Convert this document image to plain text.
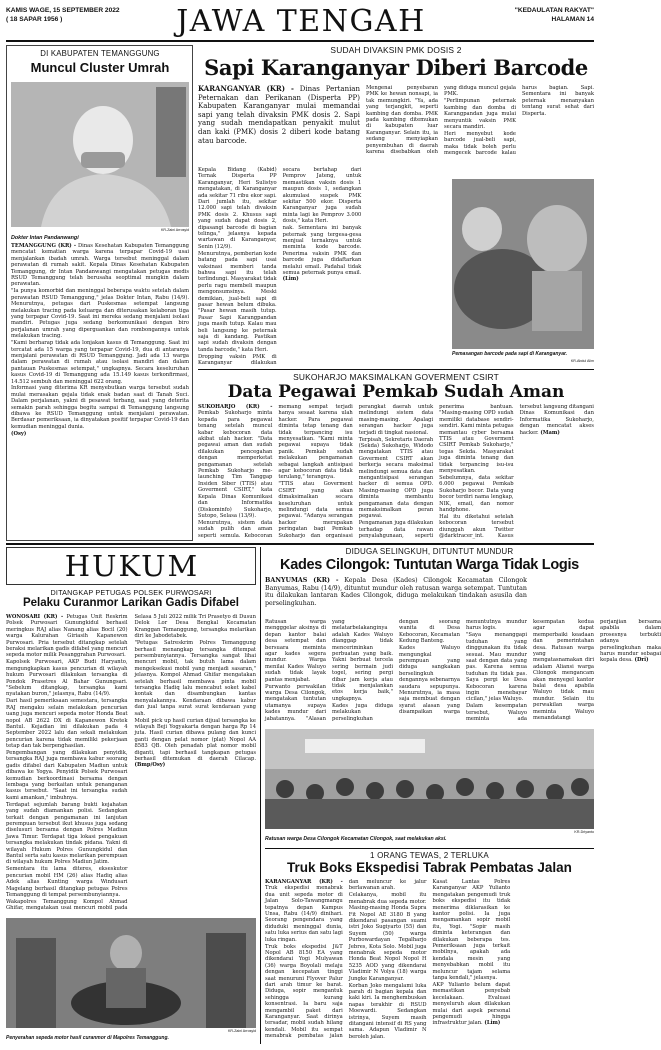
KAMIS WAGE, 15 SEPTEMBER 2022
( 18 SAPAR 1956 )	JAWA TENGAH	"KEDAULATAN RAKYAT"
HALAMAN 14
DI KABUPATEN TEMANGGUNG
Muncul Cluster Umrah
KR-Zaini Arrosyid
Dokter Intan Pandanwangi

TEMANGGUNG (KR) - Dinas Kesehatan Kabupaten Temanggung mencatat kematian warga karena terpapar Covid-19 usai menjalankan ibadah umrah. Warga tersebut meninggal dalam perawatan di rumah sakit. Kepala Dinas Kesehatan Kabupaten Temanggung, dr Intan Pandanwangi mengatakan petugas medis RSUD Temanggung telah berusaha seoptimal mungkin dalam perawatan.

"Ia punya komorbid dan meninggal beberapa waktu setelah dalam perawatan RSUD Temanggung," jelas Dokter Intan, Rabu (14/9). Menurutnya, petugas dari Puskesmas setempat langsung melakukan tracing pada keluarga dan diterusakan kelaboran tiga yang terpapar Covid-19. Saat ini mereka sedang menjalani isolasi mandiri. Petugas juga sedang berkomunikasi dengan biro perjalanan umrah yang diperguankan dan rombongannya untuk melakukan tracing.

"Kami berharap tidak ada lonjakan kasus di Temanggung. Saat ini tercatat ada 15 warga yang terpapar Covid-19, dua di antaranya menjalani perawatan di RSUD Temanggung. Jadi ada 13 warga dalam perawatan di rumah atau isolasi mandiri dan dalam pantauan Puskesmas setempat," ungkapnya. Secara keseluruhan kasus Covid-19 di Temanggung ada 15.149 kasus terkonfirmasi, 14.512 sembuh dan meninggal 622 orang.

Informasi yang diterima KR menyebutkan warga tersebut sudah mulai merasakan gejala tidak enak badan saat di Tanah Suci. Dalam perjalanan, yakni di pesawat terbang, saat yang deterita semakin parah sehingga begitu sampai di Temanggung langsung dibawa ke RSUD Temanggung untuk menjalani perawatan. Berdasar pemeriksaan, ia dinyatakan positif terpapar Covid-19 dan kemudian meninggal dunia.

(Osy)

SUDAH DIVAKSIN PMK DOSIS 2
Sapi Karanganyar Diberi Barcode

KARANGANYAR (KR) - Dinas Pertanian Peternakan dan Perikanan (Disperta PP) Kabupaten Karanganyar mulai memandai sapi yang telah divaksin PMK dosis 2. Sapi yang sudah mendapatkan penyakit mulut dan kaki (PMK) dosis 2 diberi kode batang atau barcode.

Kepala Bidang (Kabid) Ternak Disperta PP Karanganyar, Heri Sulistyo mengatakan, di Karanganyar ada sekitar 71 ribu ekor sapi. Dari jumlah itu, sekitar 12.000 sapi telah divaksin PMK dosis 2. Khusus sapi yang sudah dapat dosis 2, dipasangi barcode di bagian telinga," jelasnya kepada wartawan di Karanganyar, Senin (12/9).

Menurutnya, pemberian kode batang pada sapi usai vaksinasi memberi tanda bahwa sapi itu telah terlindungi. Masyarakat tidak perlu ragu membeli maupun mengonsumsinya. Meski demikian, jual-beli sapi di pasar hewan belum dibuka. "Pasar hewan masih tutup. Pasar Sapi Karangpandan juga masih tutup. Kalau mau beli langsung ke peternak saja di kandang. Pastikan sapi sudah divaksin dengan tanda barcode," kata Heri.

Dropping vaksin PMK di Karanganyar dilakukan secara bertahap dari Pemprov Jateng, untuk memastikan vaksin dosis 1 maupun dosis 1, sedangkan akumulasi suspek PMK sekitar 500 ekor. Disperta Karanganyar juga sudah minta lagi ke Pemprov 3.000 dosis," kata Heri.

nak. Sementara ini banyak peternak yang tergesa-gesa menjual ternaknya untuk meminta kode barcode. Penerima vaksin PMK dan barcode juga didaftarkan melalui email. Padahal tidak semua peternak punya email. (Lim)

Mengenai penyebaran PMK ke hewan nonsapi, ia tak memungkiri. "Ya, ada yang terjangkit, seperti kambing dan domba. PMK pada kambing ditemukan di kabupaten luar Karanganyar. Selain itu, ia sedang menyiapkan penyembuhan di daerah karena disebabkan oleh yang diduga muncul gejala PMK.

"Perlimpunan peternak kambing dan domba di Karangpandan juga mulai menyuntik vaksin PMK secara mandiri.

Heri menyebut kode barcode jual-beli sapi, maka tidak boleh perlu mengecek barcode kalau harus bagian. Sapi. Sementara ini banyak peternak menanyakan tentang surat sehat dari Disperta.

Pemasangan barcode pada sapi di Karanganyar.
KR-Abdul Alim
SUKOHARJO MAKSIMALKAN GOVERMENT CSIRT
Data Pegawai Pemkab Sudah Aman

SUKOHARJO (KR) - Pemkab Sukoharjo minta kepada para pegawai tenang setelah muncul kabar kebocoran data akibat ulah hacker. "Data pegawai aman dan sudah dilakukan pencegahan dengan memperketat pengamanan setelah Pemkab Sukoharjo me-launching Tim Tanggap Insiden Siber (TTIS) atau Goverment CSIRT," kata Kepala Dinas Komunikasi dan Informatika (Diskominfo) Sukoharjo, Sutopo, Selasa (13/9).

Menurutnya, sistem data sudah pulih dan aman seperti semula. Kebocoran memang sempat terjadi hanya sesaat karena ulah hacker. Para pegawai diminta tetap tenang dan tidak terpancing isu menyesatkan. "Kami minta pegawai supaya tidak panik. Pemkab sudah melakukan pengamanan sebagai langkah antisipasi agar kebocoran data tidak terulang," terangnya.

"TTIS atau Goverment CSIRT yang akan dimaksimalkan secara keseluruhan untuk melindungi data semua pegawai. "Adanya serangan hacker merupakan peringatan bagi Pemkab Sukoharjo dan organisasi perangkat daerah untuk melindungi sistem data masing-masing. Apalagi serangan hacker juga terjadi di tingkat nasional.

Terpisah, Sekretaris Daerah (Sekda) Sukoharjo, Widodo mengatakan TTIS atau Goverment CSIRT akan berkerja secara maksimal melindungi semua data dan mengantisipasi serangan hacker di semua OPD. Masing-masing OPD juga diminta membantu pengamanan data dengan memaksimalkan peran pegawai.

Pengamanan juga dilakukan terhadap data rawan penyalahgunaan, seperti penerima bantuan. "Masing-masing OPD sudah memiliki database sendiri-sendiri. Kami minta petugas memantau cyber bersama TTIS atau Goverment CSIRT Pemkab Sukoharjo," tegas Sekda. Masyarakat juga diminta tenang dan tidak terpancing isu-isu menyesatkan.

Sebelumnya, data sekitar 6.000 pegawai Pemkab Sukoharjo bocor. Data yang bocor terdiri nama lengkap, NIK, email, dan nomor handphone.

Hal itu diketahui setelah kebocoran tersebut diunggah akun Twitter @darktracer_int. Kasus tersebut langsung ditangani Dinas Komunikasi dan Informatika Sukoharjo, dengan mencatat akses hacker. (Mam)

HUKUM
DITANGKAP PETUGAS POLSEK PURWOSARI
Pelaku Curanmor Larikan Gadis Difabel

WONOSARI (KR) - Petugas Unit Reskrim Polsek Purwosari Gunungkidul berhasil meringkus RAJ alias Nanang alias Bocil (20) warga Kalurahan Giriasih Kapanewon Purwosari. Pria tersebut ditangkap setelah beraksi melarikan gadis difabel yang mencuri sepeda motor milik Pesanggrahan Purwosari.

Kapolsek Purwosari, AKP Budi Haryanto, mengungkapkan kasus pencurian di wilayah hukum Purwosari dilakukan tersangka di Pondok Prasetres Al Bahar Gunungsari. "Sebelum ditangkap, tersangka kami nyatakan buron," jelasnya, Rabu (14/9).

Dari hasil pemeriksaan semestara, tersangka RAJ mengaku selain melakukan pencurian uang juga mencuri sepeda motor Honda Beat nopol AB 2622 DX di Kapanewon Kretek Bantul. Kejadian ini dilakukan pada 4 September 2022 lalu dan sekali melakukan pencurian karena tidak memiliki pekerjaan tetap dan tak berpenghasilan.

Pengembangan yang dilakukan penyidik, tersangka RAJ juga membawa kabur seorang gadis difabel dari Kabupaten Madiun untuk dibawa ke Yogya. Penyidik Polsek Purwosari kemudian berkoordinasi bersama dengan lembaga yang berkaitan untuk penanganan kasus tersebut. "Saat ini tersangka sudah kami amankan," imbuhnya.

Terdapat sejumlah barang bukti kejahatan yang sudah diamankan polisi. Sedangkan terkait dengan pengamanan ini lanjutan perempuan tersebut ikut khusus juga sedang diselusuri bersama dengan Polres Madiun Jawa Timur. Terdapat tiga lokasi pengakuan tersangka melakukan tindak pidana. Yakni di wilayah Hukum Polres Gunungkidul dan Bantul serta satu kasus melarikan perempuan di wilayah hukum Polres Madiun Jatim.

Sementara itu lama diteres, ekseskutor pencurian mobil HM (26) alias Hadiq alias Adek alias Kunting warga Windusari Magelang berhasil ditangkap petugas Polres Temanggung di tempat persembunyiannya.

Wakapolres Temanggung Kompol Ahmad Ghifar, mengatakan usai mencuri mobil pada Selasa 5 Juli 2022 milik Tri Prasetyo di Dusun Delok Lor Desa Bengkal Kecamatan Kranggan Temanggung, tersangka melarikan diri ke Jabodetabek.

"Petugas Satreskrim Polres Temanggung berhasil menangkap tersangka ditempat persembunyiannya. Tersangka sangat lihai mencuri mobil, tak butuh lama dalam mengeksekusi mobil yang menjadi sasaran," jelasnya. Kompol Ahmad Ghifar mengatakan setelah berhasil membawa pinta mobil tersangka Hadiq lalu mencabut soket kabel kontak dan disambungkan kantas menyalakannya. Kendaraan dibawa kabur dan jual tanpa surat surat kendaraan yang sah.

Mobil pick up hasil curian dijual tersangka ke wilayah Beji Yogyakarta dengan harga Rp 14 juta. Hasil curian dibawa pulang dan kunci ganti dengan pelat nomor (plat) Nopol AA 8583 QB. Oleh penadah plat nomor mobil diganti, tapi berhasil tangkapan petugas berhasil ditemukan di daerah Cilacap. (Bmp/Osy)

KR-Zaini Arrosyid
Penyerahan sepeda motor hasil curanmor di Mapolres Temanggung.
DIDUGA SELINGKUH, DITUNTUT MUNDUR
Kades Cilongok: Tuntutan Warga Tidak Logis

BANYUMAS (KR) - Kepala Desa (Kades) Cilongok Kecamatan Cilongok Banyumas, Rabu (14/9), dituntut mundur oleh ratusan warga setempat. Tuntutan itu dilakukan lantaran Kades Cilongok, diduga melakukan tindakan asusila dan perselingkuhan.

Ratusan warga mengggelar aksinya di depan kantor balai desa setempat dan bersuara meminta agar kades segera mundur. Warga menilai Kades Waluyo sudah tidak layak pantas menjabat.

Purwanto perwakilan warga Desa Cilongok, mengatakan tuntutan utamanya supaya kades mundur dari jabatannya. "Alasan yang melatarbelakanginya adalah Kades Waluyo dianggap tidak menceriminkan perbuatan yang baik. Yakni berbuat tercela sering bermain judi togel, sering pergi dibar jam kerja atau tidak menjalankan etos kerja baik," ungkapnya.

Kades juga diduga melakukan perselingkuhan dengan seorang wanita di Desa Kebocoran, Kecamatan Kedung Banteng.

Kades Waluyo mengungkal perempuan yang diduga sangkakan berselingkuh dengannya sebenarnya saudara sepupunya. Menurutnya, ia masa saja membuat dengan syarat alasan yang disampaikan warga menuntutnya mundur harus logis.

"Saya menanggapi tuduhan yang dinggunakan itu tidak sesuai. Mau mundur saat dengan data yang pas. Karena semua tuduhan itu tidak pas. Saya pergi ke Desa Kebocoran karena ingin menebayar cicilan," jelas Waluyo.

Dalam kesempatan tersebut, Waluyo meminta ada kesempatan kedua agar dapat memperbaiki keadaan dan pemerintahan desa. Ratusan warga yang mengatasnamakan diri adalam Aliansi warga Cilongok mengancam akan menyegel kantor balai desa apabila Waluyo tidak mau mundur. Selain itu perwakilan warga meminta Waluyo menandatangi perjanjian bersama apabila dalam prosesnya terbukti adanya perselingkuhan maka harus mundur sebagai kepala desa. (Dri)

KR-Driyanto
Ratusan warga Desa Cilongok Kecamatan Cilongok, saat melakukan aksi.
1 ORANG TEWAS, 2 TERLUKA
Truk Boks Ekspedisi Tabrak Pembatas Jalan

KARANGANYAR (KR) - Truk ekspedisi menabrak dua unit sepeda motor di Jalan Solo-Tawangmangu tepatnya depan Kampus Unsa, Rabu (14/9) dinihari. Seorang pengendara yang diduduki meninggal dunia, satu luka serius dan satu lagi luka ringan.

Truk boks ekspedisi J&T Nopol AB 8150 EA yang dikendarai Yogi Mulyawan (36) warga Boyolali melaju dengan kecepatan tinggi saat menuruni Flyover Palur dari arah timur ke barat. Diduga, sopir mengantuk sehingga kurang konsentrasi. Ia baru saja mengambil paket dari Karanganyar. Saat dirinya tersadar, mobil sudah hilang kendali. Mobil itu sempat menabrak pembatas jalan dan meluncur ke jalur berlawanan arah.

Celakanya, mobil itu menabrak dua sepeda motor. Masing-masing Honda Supra Fit Nopol AE 3180 B yang dikendarai pasangan suami istri Joko Sugiyarto (55) dan Suyem (50) warga Purbowardayan Tegalharjo Jebres, Kota Solo. Mobil juga menabrak sepeda motor Honda Beat Nopol Nopol H 5235 AOD yang dikendarai Vladimir N Volya (18) warga Jungke Karanganyar.

Korban Joko mengalami luka parah di bagian kepala dan kaki kiri. Ia menghembuskan napas terakhir di RSUD Moewardi. Sedangkan istrinya, Suyem masih ditangani intensif di RS yang sama. Adapun Vladimir N beroleh jalan.

Kasat Lantas Polres Karanganyar AKP Yulianto mengatakan pengemudi truk boks ekspedisi itu tidak menerima diklarasikan ke kantor polisi. Ia juga mengamankan sopir mobil itu, Yogi. "Sopir masih diminta keterangan dan dilakukan beberapa tes. Pemeriksaan juga terkait mobilnya, apakah ada kendala mesin yang menyebabkan mobil itu meluncur tajam selama tanpa kendali," jelasnya.

AKP Yulianto belum dapat memastikan penyebab kecelakaan. Evaluasi menyeluruh akan dilakukan mulai dari aspek personal pengemudi hingga infrastruktur jalan. (Lim)
